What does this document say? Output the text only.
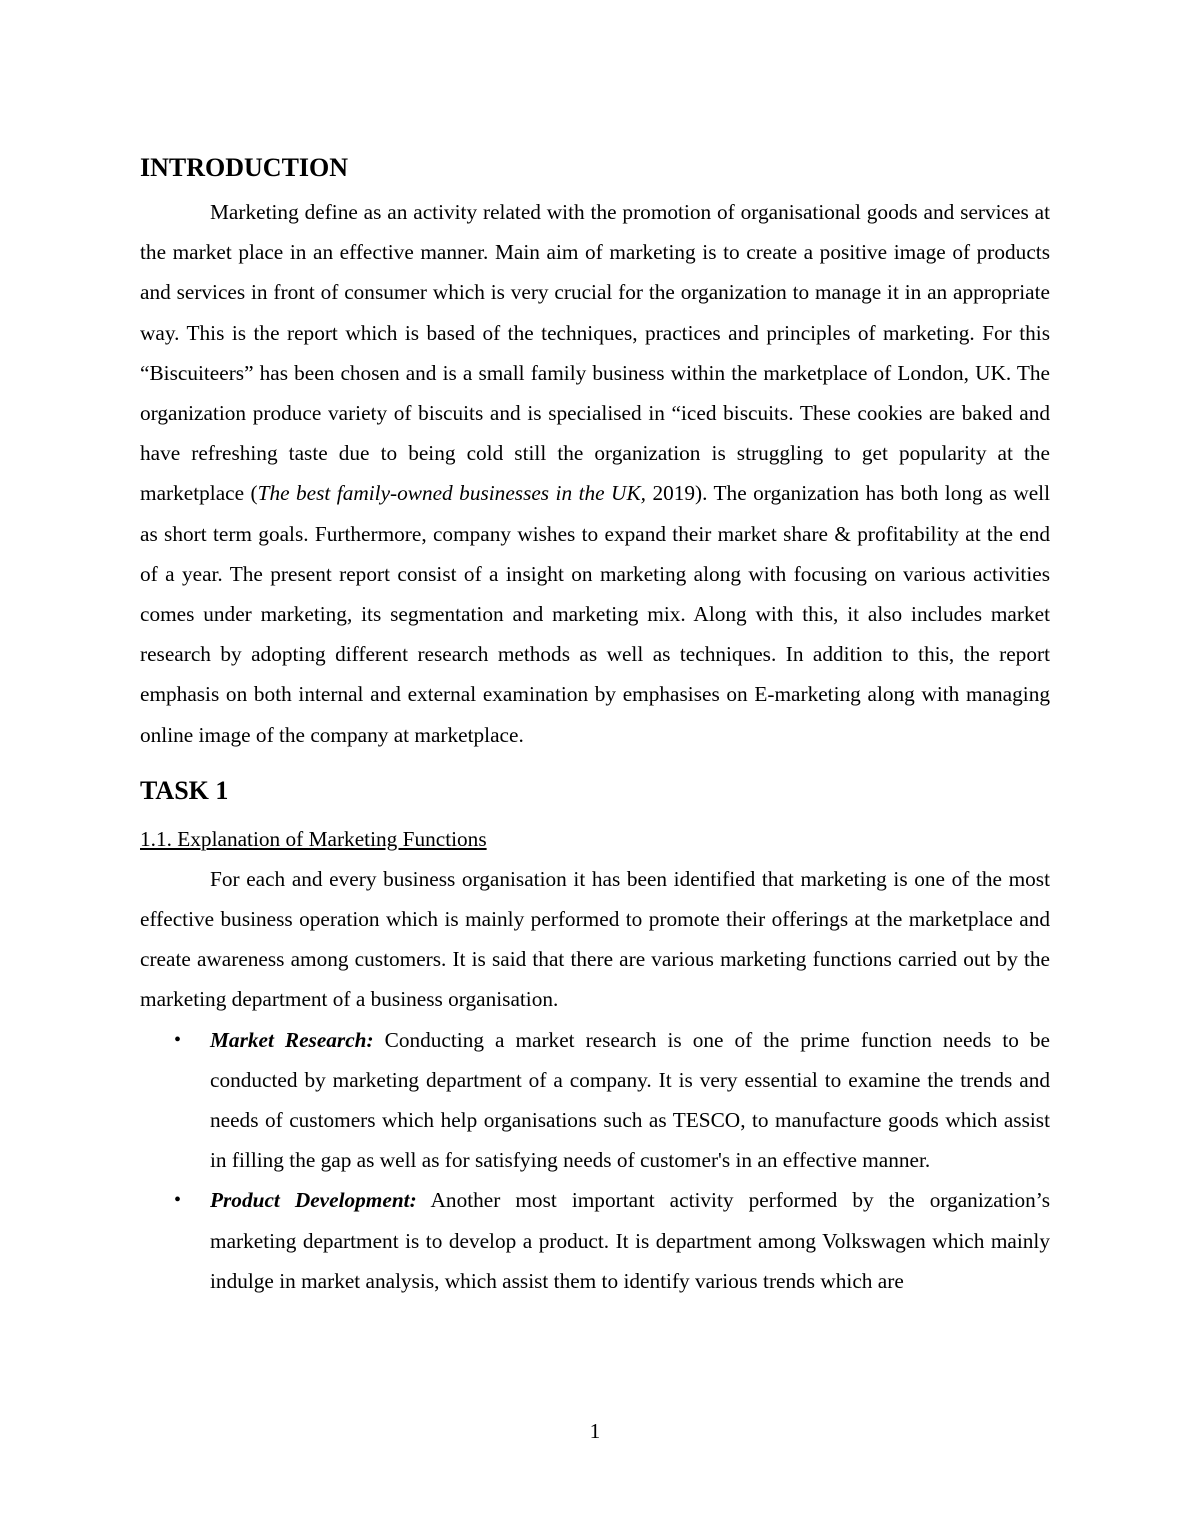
INTRODUCTION

Marketing define as an activity related with the promotion of organisational goods and services at the market place in an effective manner. Main aim of marketing is to create a positive image of products and services in front of consumer which is very crucial for the organization to manage it in an appropriate way. This is the report which is based of the techniques, practices and principles of marketing. For this “Biscuiteers” has been chosen and is a small family business within the marketplace of London, UK. The organization produce variety of biscuits and is specialised in “iced biscuits. These cookies are baked and have refreshing taste due to being cold still the organization is struggling to get popularity at the marketplace (The best family-owned businesses in the UK, 2019). The organization has both long as well as short term goals. Furthermore, company wishes to expand their market share & profitability at the end of a year. The present report consist of a insight on marketing along with focusing on various activities comes under marketing, its segmentation and marketing mix. Along with this, it also includes market research by adopting different research methods as well as techniques. In addition to this, the report emphasis on both internal and external examination by emphasises on E-marketing along with managing online image of the company at marketplace.

TASK 1

1.1. Explanation of Marketing Functions

For each and every business organisation it has been identified that marketing is one of the most effective business operation which is mainly performed to promote their offerings at the marketplace and create awareness among customers. It is said that there are various marketing functions carried out by the marketing department of a business organisation.

• Market Research: Conducting a market research is one of the prime function needs to be conducted by marketing department of a company. It is very essential to examine the trends and needs of customers which help organisations such as TESCO, to manufacture goods which assist in filling the gap as well as for satisfying needs of customer's in an effective manner.
• Product Development: Another most important activity performed by the organization’s marketing department is to develop a product. It is department among Volkswagen which mainly indulge in market analysis, which assist them to identify various trends which are
1
